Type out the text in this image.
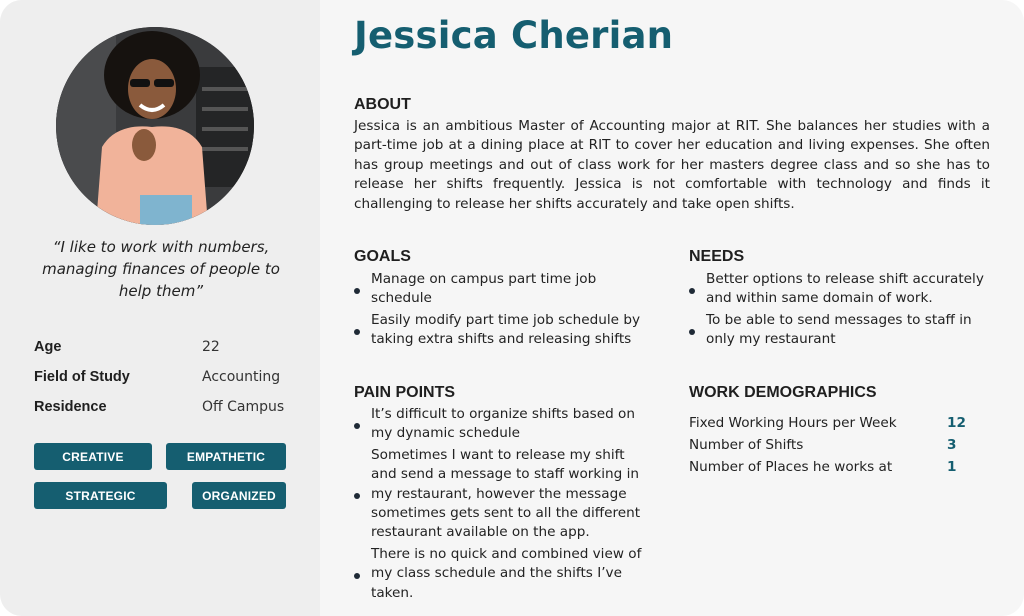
“I like to work with numbers, managing finances of people to help them”
Age	22
Field of Study	Accounting
Residence	Off Campus
CREATIVE	EMPATHETIC
STRATEGIC	ORGANIZED
Jessica Cherian
ABOUT
Jessica is an ambitious Master of Accounting major at RIT. She balances her studies with a part-time job at a dining place at RIT to cover her education and living expenses. She often has group meetings and out of class work for her masters degree class and so she has to release her shifts frequently. Jessica is not comfortable with technology and finds it challenging to release her shifts accurately and take open shifts.
GOALS
Manage on campus part time job schedule
Easily modify part time job schedule by taking extra shifts and releasing shifts
NEEDS
Better options to release shift accurately and within same domain of work.
To be able to send messages to staff in only my restaurant
PAIN POINTS
It’s difficult to organize shifts based on my dynamic schedule
Sometimes I want to release my shift and send a message to staff working in my restaurant, however the message sometimes gets sent to all the different restaurant available on the app.
There is no quick and combined view of my class schedule and the shifts I’ve taken.
WORK DEMOGRAPHICS
Fixed Working Hours per Week	12
Number of Shifts	3
Number of Places he works at	1
